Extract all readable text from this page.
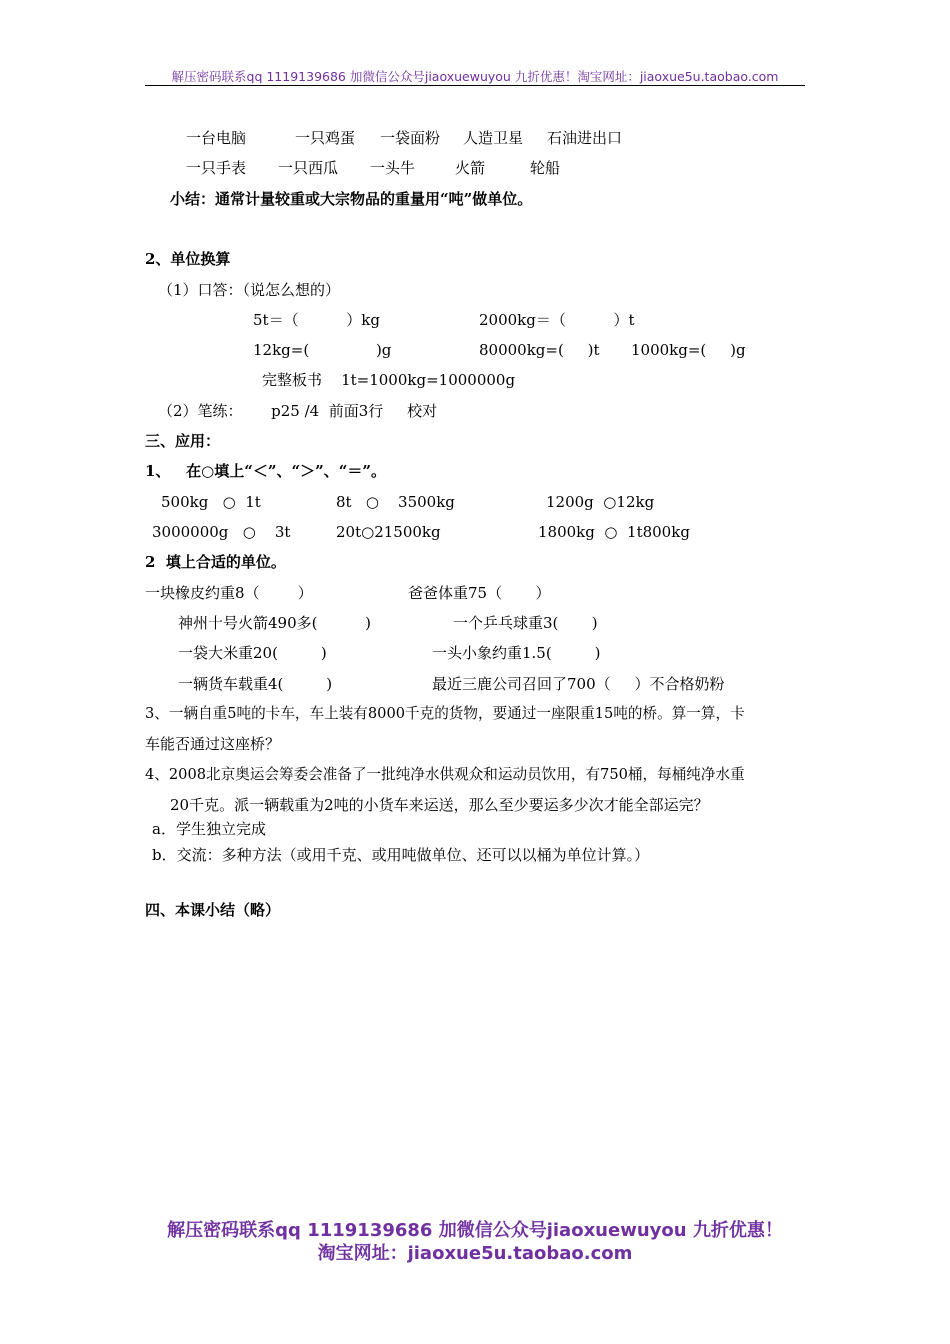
解压密码联系qq 1119139686 加微信公众号jiaoxuewuyou 九折优惠！淘宝网址：jiaoxue5u.taobao.com
一台电脑	一只鸡蛋 一袋面粉 人造卫星 石油进出口
一只手表 一只西瓜 一头牛	火箭	轮船
小结：通常计量较重或大宗物品的重量用“吨”做单位。
2、单位换算
（1）口答：（说怎么想的）
5t＝（          ）kg	2000kg＝（          ）t
12kg=(              )g	80000kg=(     )t 1000kg=(     )g
完整板书    1t=1000kg=1000000g
（2）笔练：      p25 /4  前面3行     校对
三、应用：
1、   在○填上“＜”、“＞”、“＝”。
500kg   ○  1t	8t   ○    3500kg	1200g  ○12kg
3000000g   ○    3t	20t○21500kg	1800kg  ○  1t800kg
2  填上合适的单位。
一块橡皮约重8（        ）	爸爸体重75（       ）
神州十号火箭490多(          )	一个乒乓球重3(       )
一袋大米重20(         )	一头小象约重1.5(         )
一辆货车载重4(         )	最近三鹿公司召回了700（     ）不合格奶粉
3、一辆自重5吨的卡车，车上装有8000千克的货物，要通过一座限重15吨的桥。算一算，卡
车能否通过这座桥？
4、2008北京奥运会筹委会准备了一批纯净水供观众和运动员饮用，有750桶，每桶纯净水重
20千克。派一辆载重为2吨的小货车来运送，那么至少要运多少次才能全部运完？
a．学生独立完成
b．交流：多种方法（或用千克、或用吨做单位、还可以以桶为单位计算。）
四、本课小结（略）
解压密码联系qq 1119139686 加微信公众号jiaoxuewuyou 九折优惠！
淘宝网址：jiaoxue5u.taobao.com
